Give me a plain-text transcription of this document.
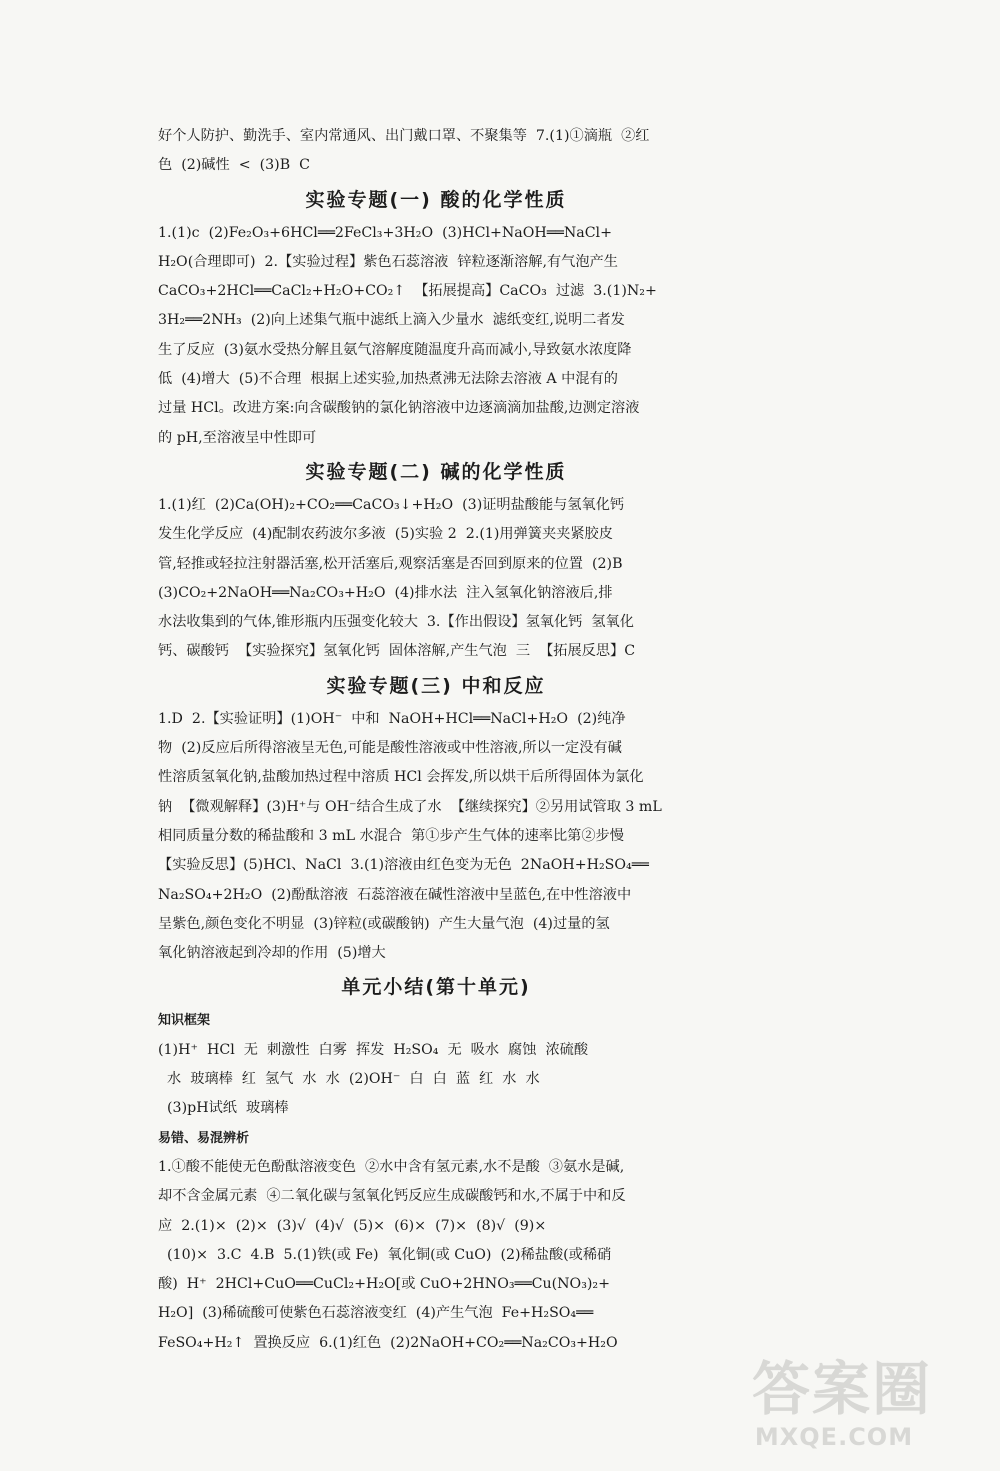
好个人防护、勤洗手、室内常通风、出门戴口罩、不聚集等  7.(1)①滴瓶  ②红
色  (2)碱性  <  (3)B  C
实验专题(一) 酸的化学性质
1.(1)c  (2)Fe₂O₃+6HCl══2FeCl₃+3H₂O  (3)HCl+NaOH══NaCl+
H₂O(合理即可)  2.【实验过程】紫色石蕊溶液  锌粒逐渐溶解,有气泡产生
CaCO₃+2HCl══CaCl₂+H₂O+CO₂↑  【拓展提高】CaCO₃  过滤  3.(1)N₂+
3H₂══2NH₃  (2)向上述集气瓶中滤纸上滴入少量水  滤纸变红,说明二者发
生了反应  (3)氨水受热分解且氨气溶解度随温度升高而减小,导致氨水浓度降
低  (4)增大  (5)不合理  根据上述实验,加热煮沸无法除去溶液 A 中混有的
过量 HCl。改进方案:向含碳酸钠的氯化钠溶液中边逐滴滴加盐酸,边测定溶液
的 pH,至溶液呈中性即可
实验专题(二) 碱的化学性质
1.(1)红  (2)Ca(OH)₂+CO₂══CaCO₃↓+H₂O  (3)证明盐酸能与氢氧化钙
发生化学反应  (4)配制农药波尔多液  (5)实验 2  2.(1)用弹簧夹夹紧胶皮
管,轻推或轻拉注射器活塞,松开活塞后,观察活塞是否回到原来的位置  (2)B
(3)CO₂+2NaOH══Na₂CO₃+H₂O  (4)排水法  注入氢氧化钠溶液后,排
水法收集到的气体,锥形瓶内压强变化较大  3.【作出假设】氢氧化钙  氢氧化
钙、碳酸钙  【实验探究】氢氧化钙  固体溶解,产生气泡  三  【拓展反思】C
实验专题(三) 中和反应
1.D  2.【实验证明】(1)OH⁻  中和  NaOH+HCl══NaCl+H₂O  (2)纯净
物  (2)反应后所得溶液呈无色,可能是酸性溶液或中性溶液,所以一定没有碱
性溶质氢氧化钠,盐酸加热过程中溶质 HCl 会挥发,所以烘干后所得固体为氯化
钠  【微观解释】(3)H⁺与 OH⁻结合生成了水  【继续探究】②另用试管取 3 mL
相同质量分数的稀盐酸和 3 mL 水混合  第①步产生气体的速率比第②步慢
【实验反思】(5)HCl、NaCl  3.(1)溶液由红色变为无色  2NaOH+H₂SO₄══
Na₂SO₄+2H₂O  (2)酚酞溶液  石蕊溶液在碱性溶液中呈蓝色,在中性溶液中
呈紫色,颜色变化不明显  (3)锌粒(或碳酸钠)  产生大量气泡  (4)过量的氢
氧化钠溶液起到冷却的作用  (5)增大
单元小结(第十单元)
知识框架
(1)H⁺  HCl  无  刺激性  白雾  挥发  H₂SO₄  无  吸水  腐蚀  浓硫酸
水  玻璃棒  红  氢气  水  水  (2)OH⁻  白  白  蓝  红  水  水
(3)pH试纸  玻璃棒
易错、易混辨析
1.①酸不能使无色酚酞溶液变色  ②水中含有氢元素,水不是酸  ③氨水是碱,
却不含金属元素  ④二氧化碳与氢氧化钙反应生成碳酸钙和水,不属于中和反
应  2.(1)×  (2)×  (3)√  (4)√  (5)×  (6)×  (7)×  (8)√  (9)×
(10)×  3.C  4.B  5.(1)铁(或 Fe)  氧化铜(或 CuO)  (2)稀盐酸(或稀硝
酸)  H⁺  2HCl+CuO══CuCl₂+H₂O[或 CuO+2HNO₃══Cu(NO₃)₂+
H₂O]  (3)稀硫酸可使紫色石蕊溶液变红  (4)产生气泡  Fe+H₂SO₄══
FeSO₄+H₂↑  置换反应  6.(1)红色  (2)2NaOH+CO₂══Na₂CO₃+H₂O
答案圈
MXQE.COM
